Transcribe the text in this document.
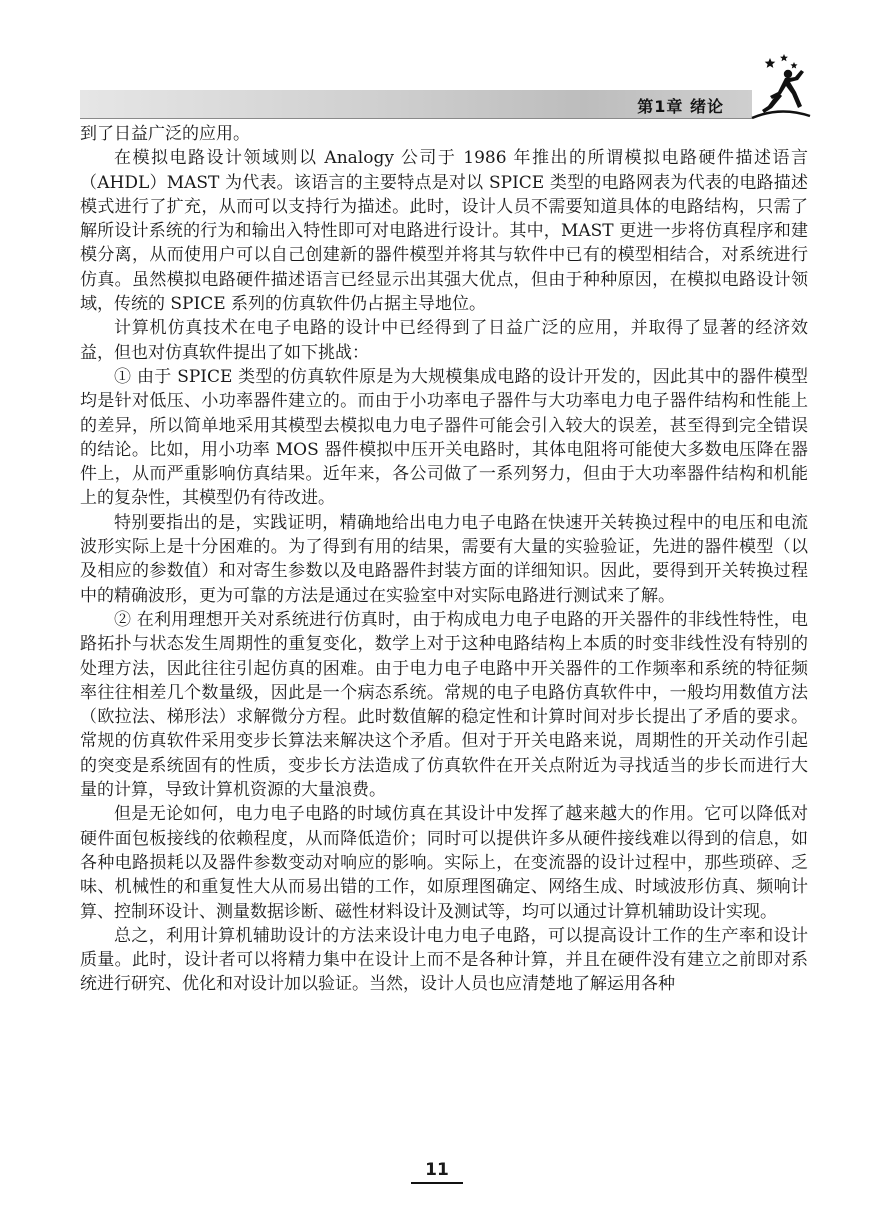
第1章 绪论

到了日益广泛的应用。

在模拟电路设计领域则以 Analogy 公司于 1986 年推出的所谓模拟电路硬件描述语言（AHDL）MAST 为代表。该语言的主要特点是对以 SPICE 类型的电路网表为代表的电路描述模式进行了扩充，从而可以支持行为描述。此时，设计人员不需要知道具体的电路结构，只需了解所设计系统的行为和输出入特性即可对电路进行设计。其中，MAST 更进一步将仿真程序和建模分离，从而使用户可以自己创建新的器件模型并将其与软件中已有的模型相结合，对系统进行仿真。虽然模拟电路硬件描述语言已经显示出其强大优点，但由于种种原因，在模拟电路设计领域，传统的 SPICE 系列的仿真软件仍占据主导地位。

计算机仿真技术在电子电路的设计中已经得到了日益广泛的应用，并取得了显著的经济效益，但也对仿真软件提出了如下挑战：

① 由于 SPICE 类型的仿真软件原是为大规模集成电路的设计开发的，因此其中的器件模型均是针对低压、小功率器件建立的。而由于小功率电子器件与大功率电力电子器件结构和性能上的差异，所以简单地采用其模型去模拟电力电子器件可能会引入较大的误差，甚至得到完全错误的结论。比如，用小功率 MOS 器件模拟中压开关电路时，其体电阻将可能使大多数电压降在器件上，从而严重影响仿真结果。近年来，各公司做了一系列努力，但由于大功率器件结构和机能上的复杂性，其模型仍有待改进。

特别要指出的是，实践证明，精确地给出电力电子电路在快速开关转换过程中的电压和电流波形实际上是十分困难的。为了得到有用的结果，需要有大量的实验验证，先进的器件模型（以及相应的参数值）和对寄生参数以及电路器件封装方面的详细知识。因此，要得到开关转换过程中的精确波形，更为可靠的方法是通过在实验室中对实际电路进行测试来了解。

② 在利用理想开关对系统进行仿真时，由于构成电力电子电路的开关器件的非线性特性，电路拓扑与状态发生周期性的重复变化，数学上对于这种电路结构上本质的时变非线性没有特别的处理方法，因此往往引起仿真的困难。由于电力电子电路中开关器件的工作频率和系统的特征频率往往相差几个数量级，因此是一个病态系统。常规的电子电路仿真软件中，一般均用数值方法（欧拉法、梯形法）求解微分方程。此时数值解的稳定性和计算时间对步长提出了矛盾的要求。常规的仿真软件采用变步长算法来解决这个矛盾。但对于开关电路来说，周期性的开关动作引起的突变是系统固有的性质，变步长方法造成了仿真软件在开关点附近为寻找适当的步长而进行大量的计算，导致计算机资源的大量浪费。

但是无论如何，电力电子电路的时域仿真在其设计中发挥了越来越大的作用。它可以降低对硬件面包板接线的依赖程度，从而降低造价；同时可以提供许多从硬件接线难以得到的信息，如各种电路损耗以及器件参数变动对响应的影响。实际上，在变流器的设计过程中，那些琐碎、乏味、机械性的和重复性大从而易出错的工作，如原理图确定、网络生成、时域波形仿真、频响计算、控制环设计、测量数据诊断、磁性材料设计及测试等，均可以通过计算机辅助设计实现。

总之，利用计算机辅助设计的方法来设计电力电子电路，可以提高设计工作的生产率和设计质量。此时，设计者可以将精力集中在设计上而不是各种计算，并且在硬件没有建立之前即对系统进行研究、优化和对设计加以验证。当然，设计人员也应清楚地了解运用各种

11
